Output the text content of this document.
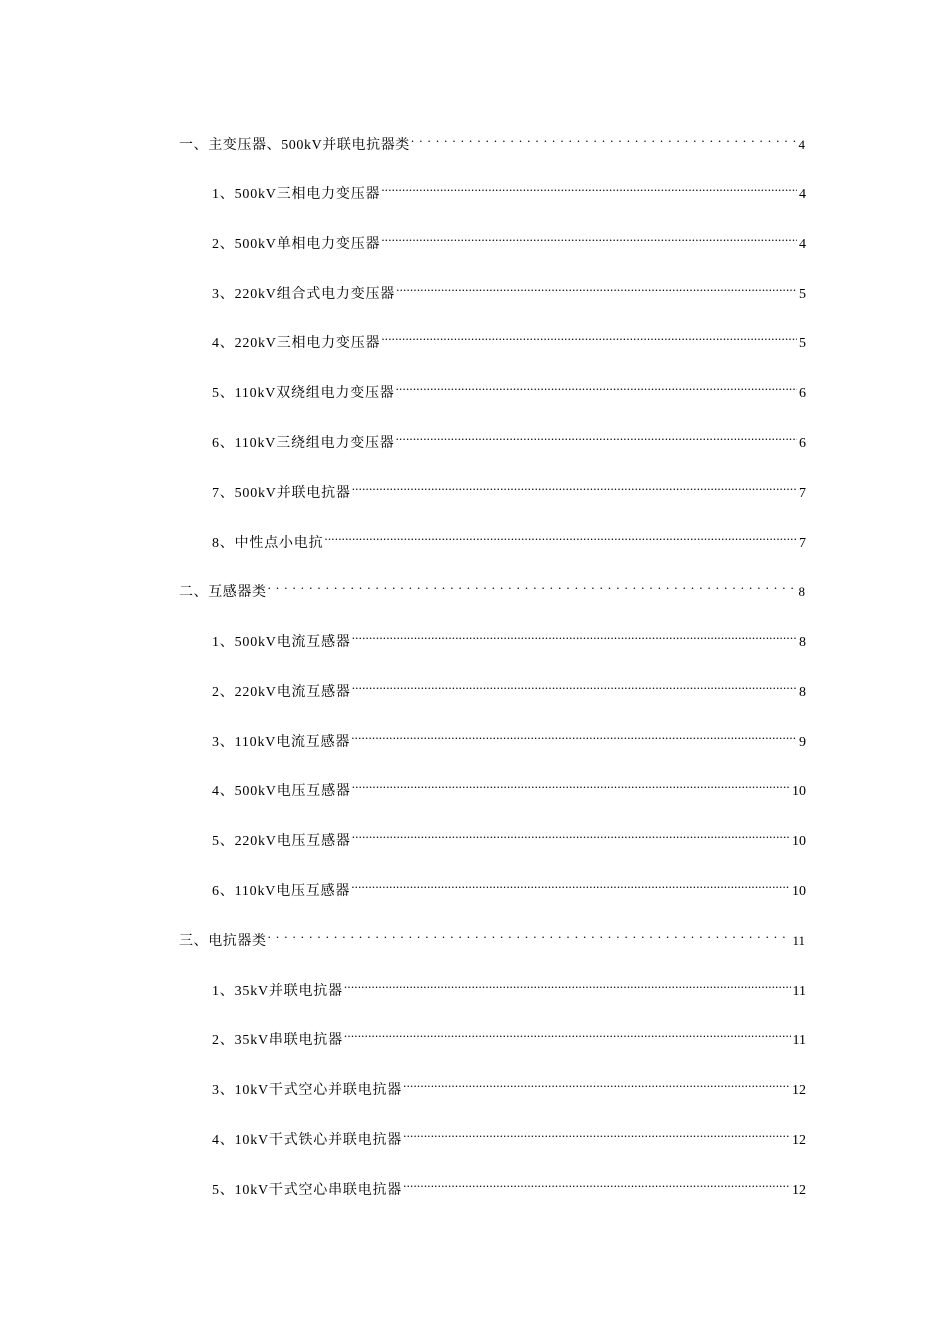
一、主变压器、500kV并联电抗器类 . . .	4
1、500kV三相电力变压器 .....	4
2、500kV单相电力变压器 .....	4
3、220kV组合式电力变压器 .....	5
4、220kV三相电力变压器 .....	5
5、110kV双绕组电力变压器 .....	6
6、110kV三绕组电力变压器 .....	6
7、500kV并联电抗器 .....	7
8、中性点小电抗 .....	7
二、互感器类 . . .	8
1、500kV电流互感器 .....	8
2、220kV电流互感器 .....	8
3、110kV电流互感器 .....	9
4、500kV电压互感器 .....	10
5、220kV电压互感器 .....	10
6、110kV电压互感器 .....	10
三、电抗器类 . . .	11
1、35kV并联电抗器 .....	11
2、35kV串联电抗器 .....	11
3、10kV干式空心并联电抗器 .....	12
4、10kV干式铁心并联电抗器 .....	12
5、10kV干式空心串联电抗器 .....	12
